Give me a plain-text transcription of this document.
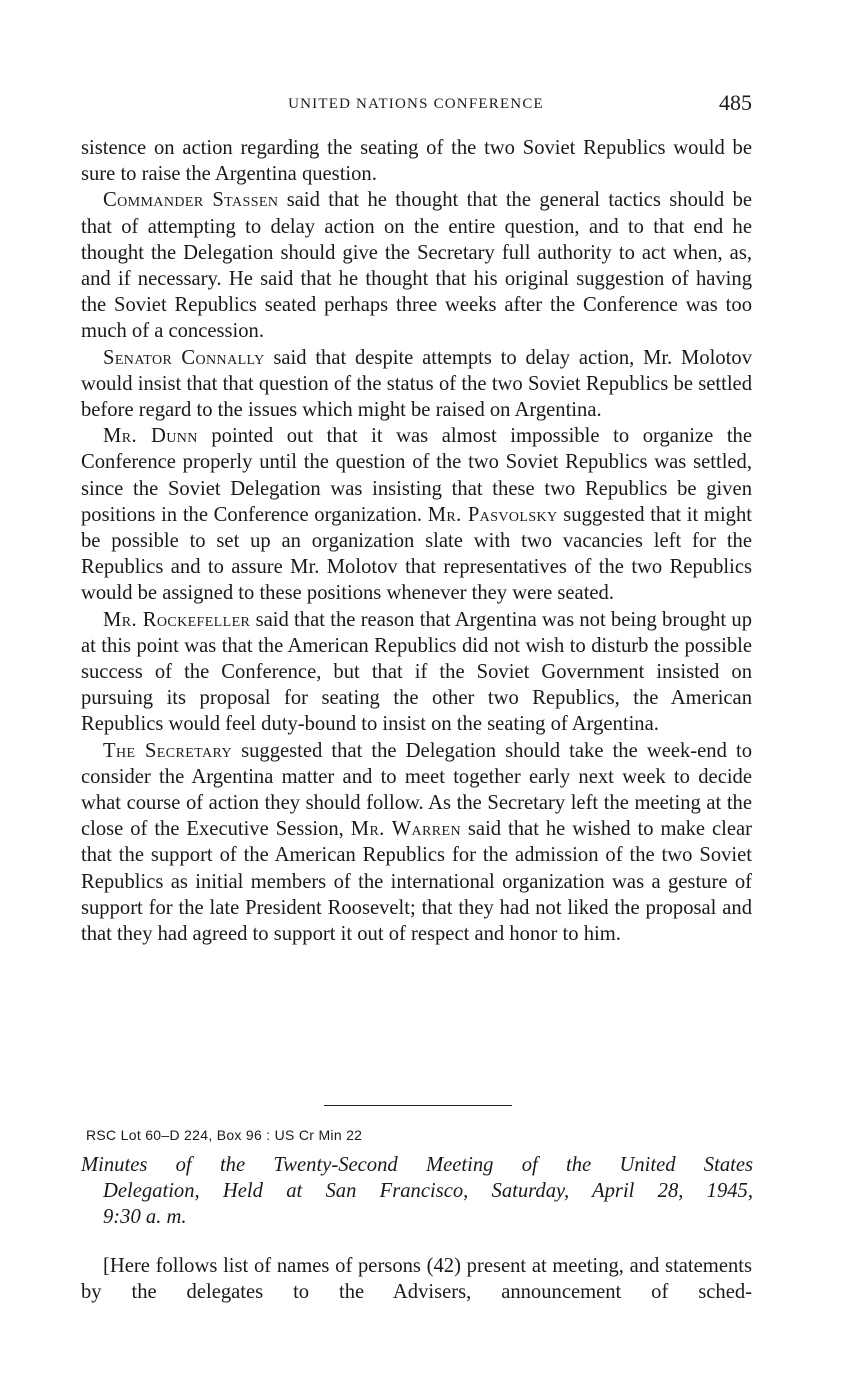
UNITED NATIONS CONFERENCE	485

sistence on action regarding the seating of the two Soviet Republics would be sure to raise the Argentina question.

Commander Stassen said that he thought that the general tactics should be that of attempting to delay action on the entire question, and to that end he thought the Delegation should give the Secretary full authority to act when, as, and if necessary. He said that he thought that his original suggestion of having the Soviet Republics seated perhaps three weeks after the Conference was too much of a concession.

Senator Connally said that despite attempts to delay action, Mr. Molotov would insist that that question of the status of the two Soviet Republics be settled before regard to the issues which might be raised on Argentina.

Mr. Dunn pointed out that it was almost impossible to organize the Conference properly until the question of the two Soviet Republics was settled, since the Soviet Delegation was insisting that these two Republics be given positions in the Conference organization. Mr. Pasvolsky suggested that it might be possible to set up an organization slate with two vacancies left for the Republics and to assure Mr. Molotov that representatives of the two Republics would be assigned to these positions whenever they were seated.

Mr. Rockefeller said that the reason that Argentina was not being brought up at this point was that the American Republics did not wish to disturb the possible success of the Conference, but that if the Soviet Government insisted on pursuing its proposal for seating the other two Republics, the American Republics would feel duty-bound to insist on the seating of Argentina.

The Secretary suggested that the Delegation should take the week-end to consider the Argentina matter and to meet together early next week to decide what course of action they should follow. As the Secretary left the meeting at the close of the Executive Session, Mr. Warren said that he wished to make clear that the support of the American Republics for the admission of the two Soviet Republics as initial members of the international organization was a gesture of support for the late President Roosevelt; that they had not liked the proposal and that they had agreed to support it out of respect and honor to him.

RSC Lot 60–D 224, Box 96 : US Cr Min 22
Minutes of the Twenty-Second Meeting of the United States
Delegation, Held at San Francisco, Saturday, April 28, 1945,
9:30 a. m.

[Here follows list of names of persons (42) present at meeting, and statements by the delegates to the Advisers, announcement of sched-
